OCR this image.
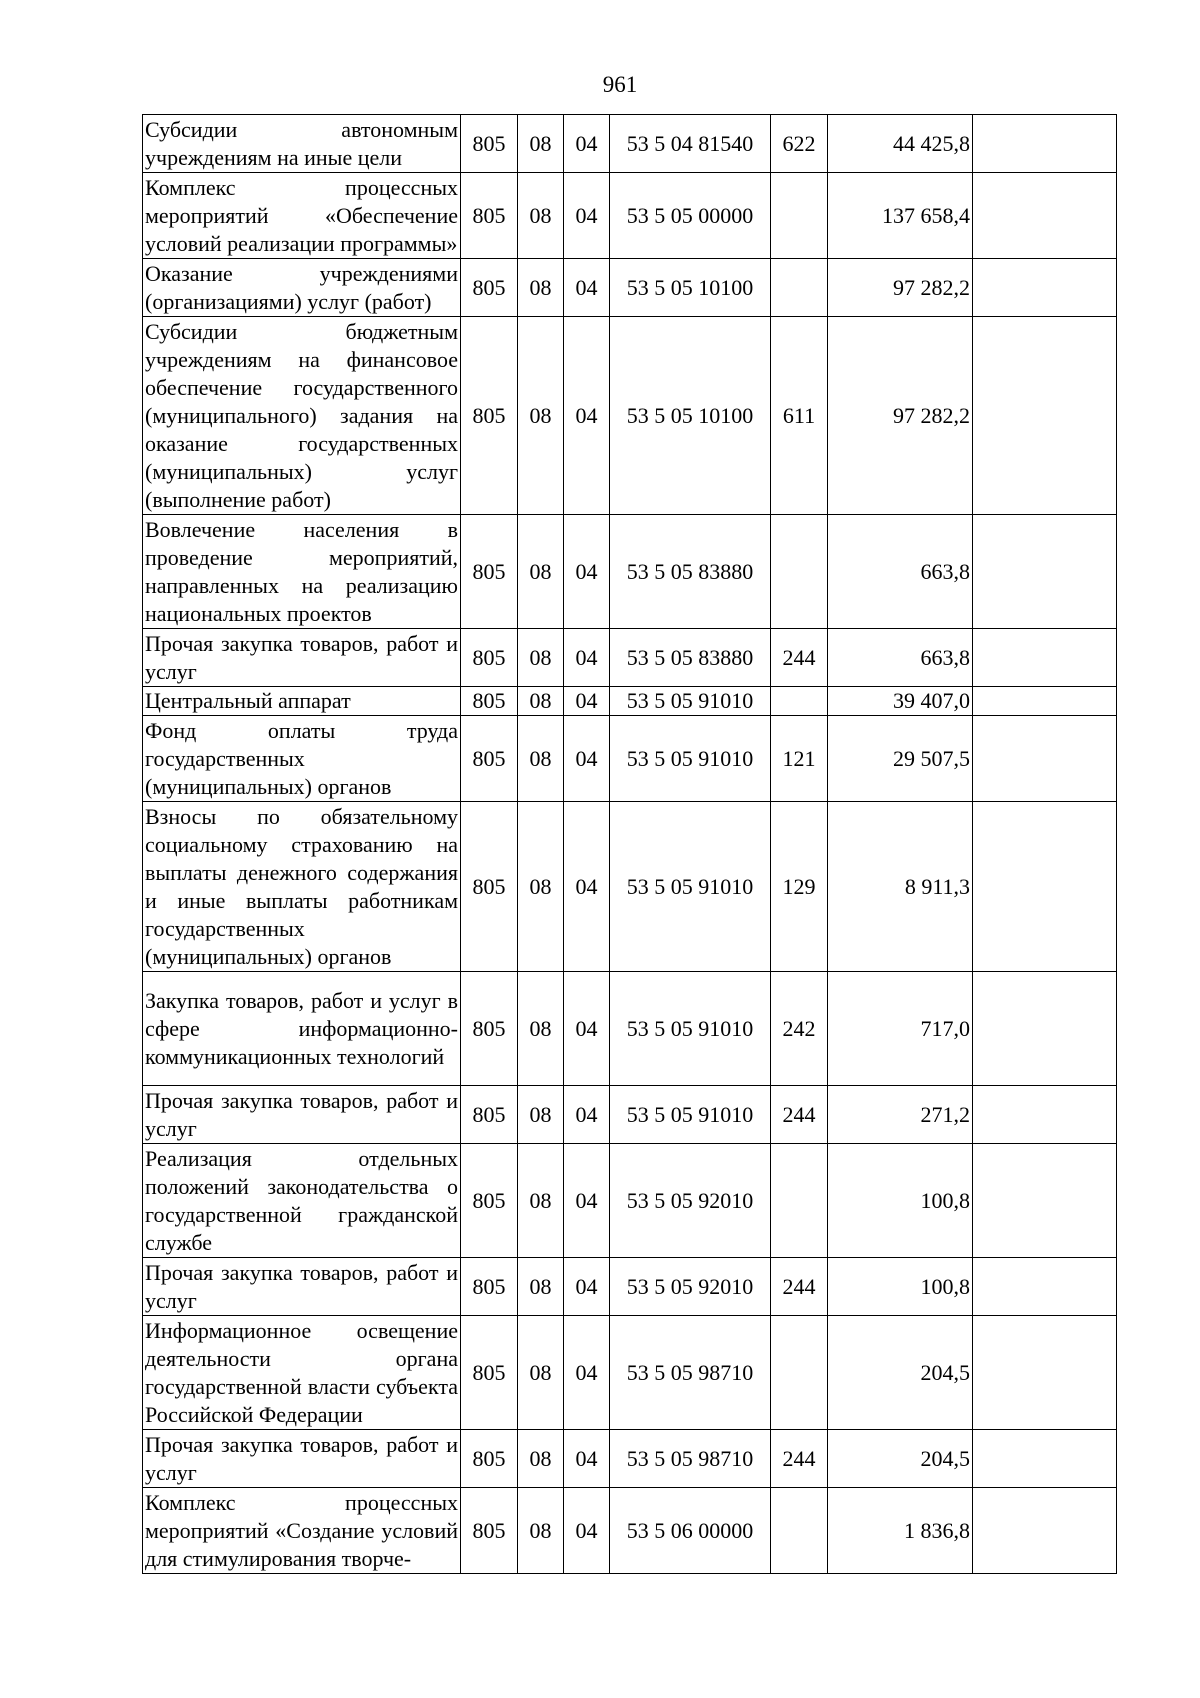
961
Субсидии автономным учреждениям на иные цели	805	08	04	53 5 04 81540	622	44 425,8	
Комплекс процессных мероприятий «Обеспечение условий реализации программы»	805	08	04	53 5 05 00000		137 658,4	
Оказание учреждениями (организациями) услуг (работ)	805	08	04	53 5 05 10100		97 282,2	
Субсидии бюджетным учреждениям на финансовое обеспечение государственного (муниципального) задания на оказание государственных (муниципальных) услуг (выполнение работ)	805	08	04	53 5 05 10100	611	97 282,2	
Вовлечение населения в проведение мероприятий, направленных на реализацию национальных проектов	805	08	04	53 5 05 83880		663,8	
Прочая закупка товаров, работ и услуг	805	08	04	53 5 05 83880	244	663,8	
Центральный аппарат	805	08	04	53 5 05 91010		39 407,0	
Фонд оплаты труда государственных (муниципальных) органов	805	08	04	53 5 05 91010	121	29 507,5	
Взносы по обязательному социальному страхованию на выплаты денежного содержания и иные выплаты работникам государственных (муниципальных) органов	805	08	04	53 5 05 91010	129	8 911,3	
Закупка товаров, работ и услуг в сфере информационно-коммуникационных технологий	805	08	04	53 5 05 91010	242	717,0	
Прочая закупка товаров, работ и услуг	805	08	04	53 5 05 91010	244	271,2	
Реализация отдельных положений законодательства о государственной гражданской службе	805	08	04	53 5 05 92010		100,8	
Прочая закупка товаров, работ и услуг	805	08	04	53 5 05 92010	244	100,8	
Информационное освещение деятельности органа государственной власти субъекта Российской Федерации	805	08	04	53 5 05 98710		204,5	
Прочая закупка товаров, работ и услуг	805	08	04	53 5 05 98710	244	204,5	
Комплекс процессных мероприятий «Создание условий для стимулирования творче-	805	08	04	53 5 06 00000		1 836,8	
